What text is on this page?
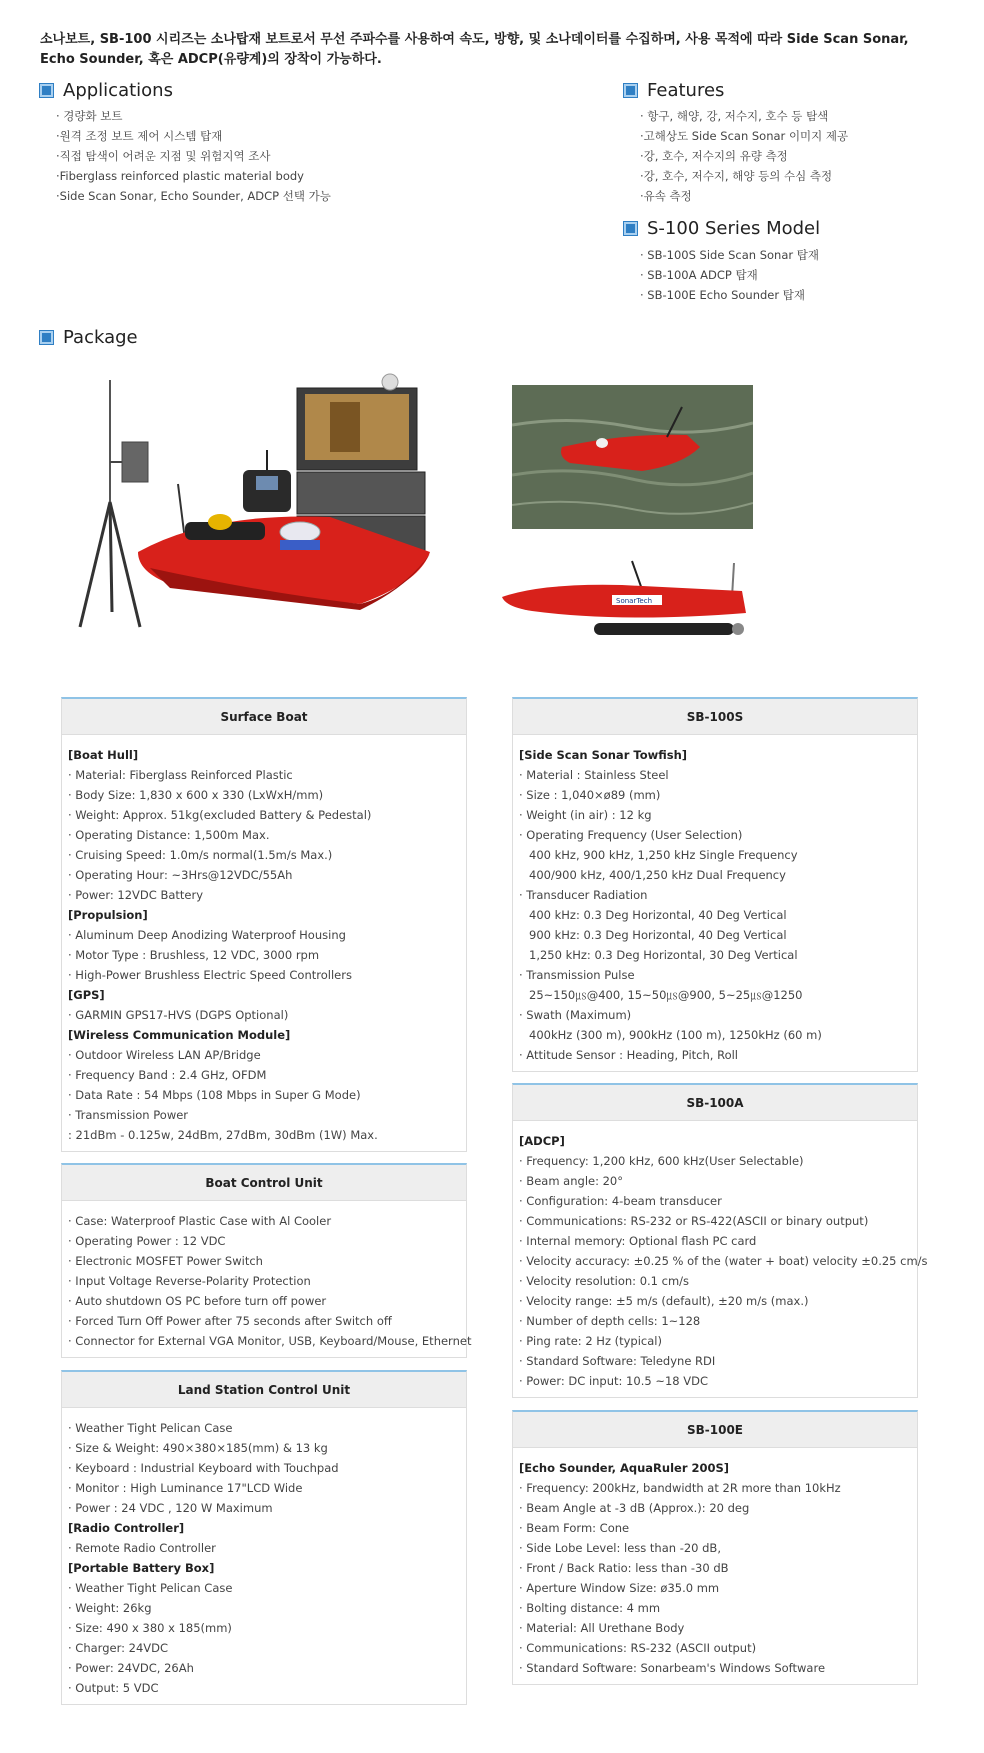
소나보트, SB-100 시리즈는 소나탑재 보트로서 무선 주파수를 사용하여 속도, 방향, 및 소나데이터를 수집하며, 사용 목적에 따라 Side Scan Sonar, Echo Sounder, 혹은 ADCP(유량계)의 장착이 가능하다.
Applications
· 경량화 보트
·원격 조정 보트 제어 시스템 탑재
·직접 탐색이 어려운 지점 및 위험지역 조사
·Fiberglass reinforced plastic material body
·Side Scan Sonar, Echo Sounder, ADCP 선택 가능
Features
· 항구, 해양, 강, 저수지, 호수 등 탐색
·고해상도 Side Scan Sonar 이미지 제공
·강, 호수, 저수지의 유량 측정
·강, 호수, 저수지, 해양 등의 수심 측정
·유속 측정
S-100 Series Model
· SB-100S Side Scan Sonar 탑재
· SB-100A ADCP 탑재
· SB-100E Echo Sounder 탑재
Package
SonarTech
Surface Boat
[Boat Hull]
· Material: Fiberglass Reinforced Plastic
· Body Size: 1,830 x 600 x 330 (LxWxH/mm)
· Weight: Approx. 51kg(excluded Battery & Pedestal)
· Operating Distance: 1,500m Max.
· Cruising Speed: 1.0m/s normal(1.5m/s Max.)
· Operating Hour: ~3Hrs@12VDC/55Ah
· Power: 12VDC Battery
[Propulsion]
· Aluminum Deep Anodizing Waterproof Housing
· Motor Type : Brushless, 12 VDC, 3000 rpm
· High-Power Brushless Electric Speed Controllers
[GPS]
· GARMIN GPS17-HVS (DGPS Optional)
[Wireless Communication Module]
· Outdoor Wireless LAN AP/Bridge
· Frequency Band : 2.4 GHz, OFDM
· Data Rate : 54 Mbps (108 Mbps in Super G Mode)
· Transmission Power
: 21dBm - 0.125w, 24dBm, 27dBm, 30dBm (1W) Max.
Boat Control Unit
· Case: Waterproof Plastic Case with Al Cooler
· Operating Power : 12 VDC
· Electronic MOSFET Power Switch
· Input Voltage Reverse-Polarity Protection
· Auto shutdown OS PC before turn off power
· Forced Turn Off Power after 75 seconds after Switch off
· Connector for External VGA Monitor, USB, Keyboard/Mouse, Ethernet
Land Station Control Unit
· Weather Tight Pelican Case
· Size & Weight: 490×380×185(mm) & 13 kg
· Keyboard : Industrial Keyboard with Touchpad
· Monitor : High Luminance 17"LCD Wide
· Power : 24 VDC , 120 W Maximum
[Radio Controller]
· Remote Radio Controller
[Portable Battery Box]
· Weather Tight Pelican Case
· Weight: 26kg
· Size: 490 x 380 x 185(mm)
· Charger: 24VDC
· Power: 24VDC, 26Ah
· Output: 5 VDC
SB-100S
[Side Scan Sonar Towfish]
· Material : Stainless Steel
· Size : 1,040×ø89 (mm)
· Weight (in air) : 12 kg
· Operating Frequency (User Selection)
400 kHz, 900 kHz, 1,250 kHz Single Frequency
400/900 kHz, 400/1,250 kHz Dual Frequency
· Transducer Radiation
400 kHz: 0.3 Deg Horizontal, 40 Deg Vertical
900 kHz: 0.3 Deg Horizontal, 40 Deg Vertical
1,250 kHz: 0.3 Deg Horizontal, 30 Deg Vertical
· Transmission Pulse
25~150㎲@400, 15~50㎲@900, 5~25㎲@1250
· Swath (Maximum)
400kHz (300 m), 900kHz (100 m), 1250kHz (60 m)
· Attitude Sensor : Heading, Pitch, Roll
SB-100A
[ADCP]
· Frequency: 1,200 kHz, 600 kHz(User Selectable)
· Beam angle: 20°
· Configuration: 4-beam transducer
· Communications: RS-232 or RS-422(ASCII or binary output)
· Internal memory: Optional flash PC card
· Velocity accuracy: ±0.25 % of the (water + boat) velocity ±0.25 cm/s
· Velocity resolution: 0.1 cm/s
· Velocity range: ±5 m/s (default), ±20 m/s (max.)
· Number of depth cells: 1~128
· Ping rate: 2 Hz (typical)
· Standard Software: Teledyne RDI
· Power: DC input: 10.5 ~18 VDC
SB-100E
[Echo Sounder, AquaRuler 200S]
· Frequency: 200kHz, bandwidth at 2R more than 10kHz
· Beam Angle at -3 dB (Approx.): 20 deg
· Beam Form: Cone
· Side Lobe Level: less than -20 dB,
· Front / Back Ratio: less than -30 dB
· Aperture Window Size: ø35.0 mm
· Bolting distance: 4 mm
· Material: All Urethane Body
· Communications: RS-232 (ASCII output)
· Standard Software: Sonarbeam's Windows Software
